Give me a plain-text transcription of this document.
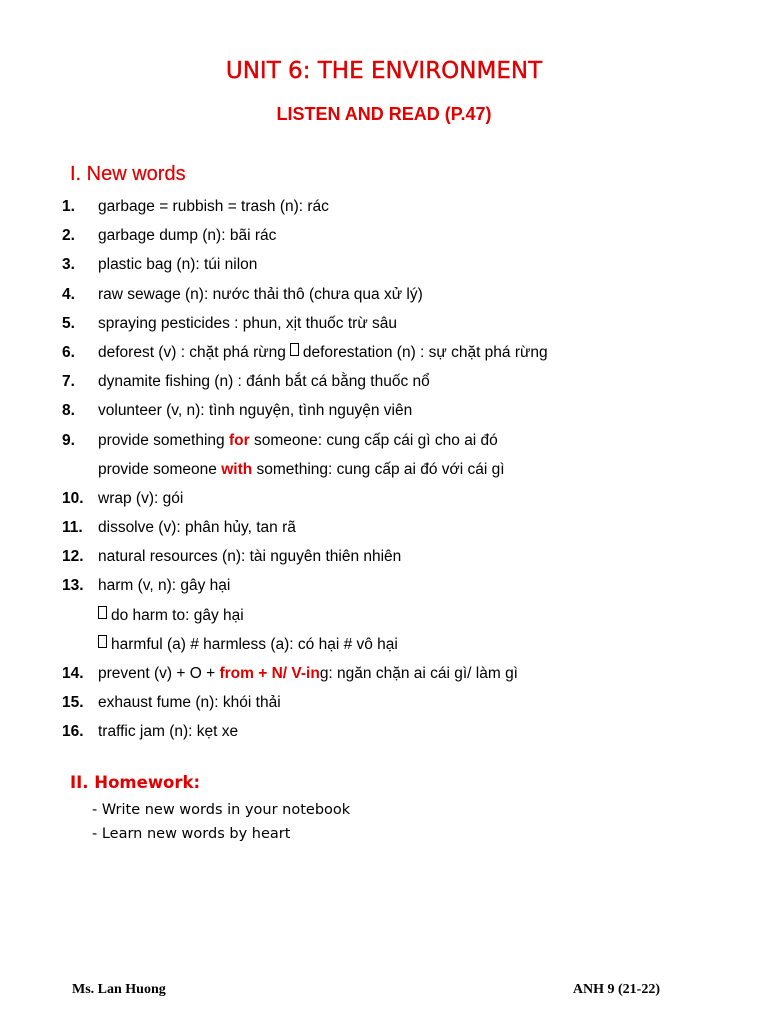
UNIT 6: THE ENVIRONMENT
LISTEN AND READ (P.47)
I. New words
1.	garbage = rubbish = trash (n): rác
2.	garbage dump (n): bãi rác
3.	plastic bag (n): túi nilon
4.	raw sewage (n): nước thải thô (chưa qua xử lý)
5.	spraying pesticides : phun, xịt thuốc trừ sâu
6.	deforest (v) : chặt phá rừng deforestation (n) : sự chặt phá rừng
7.	dynamite fishing (n) : đánh bắt cá bằng thuốc nổ
8.	volunteer (v, n): tình nguyện, tình nguyện viên
9.	provide something for someone: cung cấp cái gì cho ai đó
provide someone with something: cung cấp ai đó với cái gì
10. wrap (v): gói
11. dissolve (v): phân hủy, tan rã
12. natural resources (n): tài nguyên thiên nhiên
13. harm (v, n): gây hại
do harm to: gây hại
harmful (a) # harmless (a): có hại # vô hại
14. prevent (v) + O + from + N/ V-ing: ngăn chặn ai cái gì/ làm gì
15. exhaust fume (n): khói thải
16. traffic jam (n): kẹt xe
II. Homework:
- Write new words in your notebook
- Learn new words by heart
Ms. Lan Huong	ANH 9 (21-22)
